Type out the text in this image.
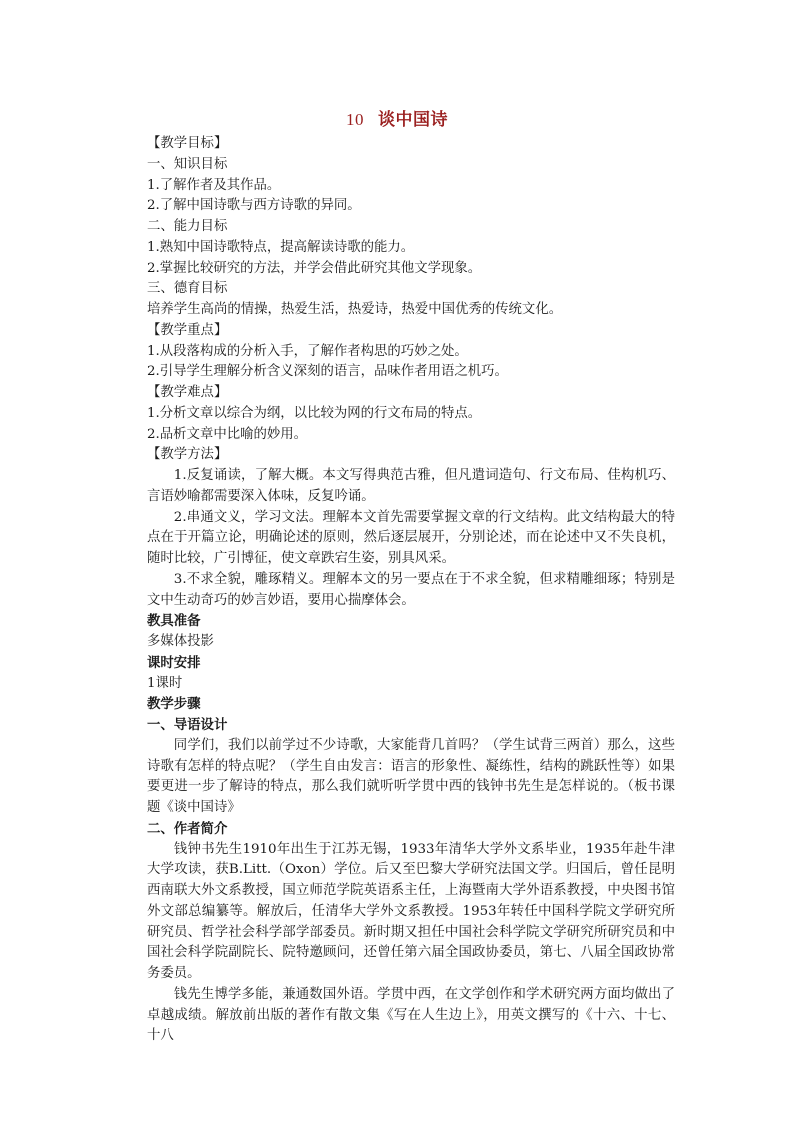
10 谈中国诗
【教学目标】
一、知识目标
1.了解作者及其作品。
2.了解中国诗歌与西方诗歌的异同。
二、能力目标
1.熟知中国诗歌特点，提高解读诗歌的能力。
2.掌握比较研究的方法，并学会借此研究其他文学现象。
三、德育目标
培养学生高尚的情操，热爱生活，热爱诗，热爱中国优秀的传统文化。
【教学重点】
1.从段落构成的分析入手，了解作者构思的巧妙之处。
2.引导学生理解分析含义深刻的语言，品味作者用语之机巧。
【教学难点】
1.分析文章以综合为纲，以比较为网的行文布局的特点。
2.品析文章中比喻的妙用。
【教学方法】
1.反复诵读，了解大概。本文写得典范古雅，但凡遣词造句、行文布局、佳构机巧、言语妙喻都需要深入体味，反复吟诵。
2.串通文义，学习文法。理解本文首先需要掌握文章的行文结构。此文结构最大的特点在于开篇立论，明确论述的原则，然后逐层展开，分别论述，而在论述中又不失良机，随时比较，广引博征，使文章跌宕生姿，别具风采。
3.不求全貌，雕琢精义。理解本文的另一要点在于不求全貌，但求精雕细琢；特别是文中生动奇巧的妙言妙语，要用心揣摩体会。
教具准备
多媒体投影
课时安排
1课时
教学步骤
一、导语设计
同学们，我们以前学过不少诗歌，大家能背几首吗？（学生试背三两首）那么，这些诗歌有怎样的特点呢？（学生自由发言：语言的形象性、凝练性，结构的跳跃性等）如果要更进一步了解诗的特点，那么我们就听听学贯中西的钱钟书先生是怎样说的。（板书课题《谈中国诗》
二、作者简介
钱钟书先生1910年出生于江苏无锡，1933年清华大学外文系毕业，1935年赴牛津大学攻读，获B.Litt.（Oxon）学位。后又至巴黎大学研究法国文学。归国后，曾任昆明西南联大外文系教授，国立师范学院英语系主任，上海暨南大学外语系教授，中央图书馆外文部总编纂等。解放后，任清华大学外文系教授。1953年转任中国科学院文学研究所研究员、哲学社会科学部学部委员。新时期又担任中国社会科学院文学研究所研究员和中国社会科学院副院长、院特邀顾问，还曾任第六届全国政协委员，第七、八届全国政协常务委员。
钱先生博学多能，兼通数国外语。学贯中西，在文学创作和学术研究两方面均做出了卓越成绩。解放前出版的著作有散文集《写在人生边上》，用英文撰写的《十六、十七、十八
